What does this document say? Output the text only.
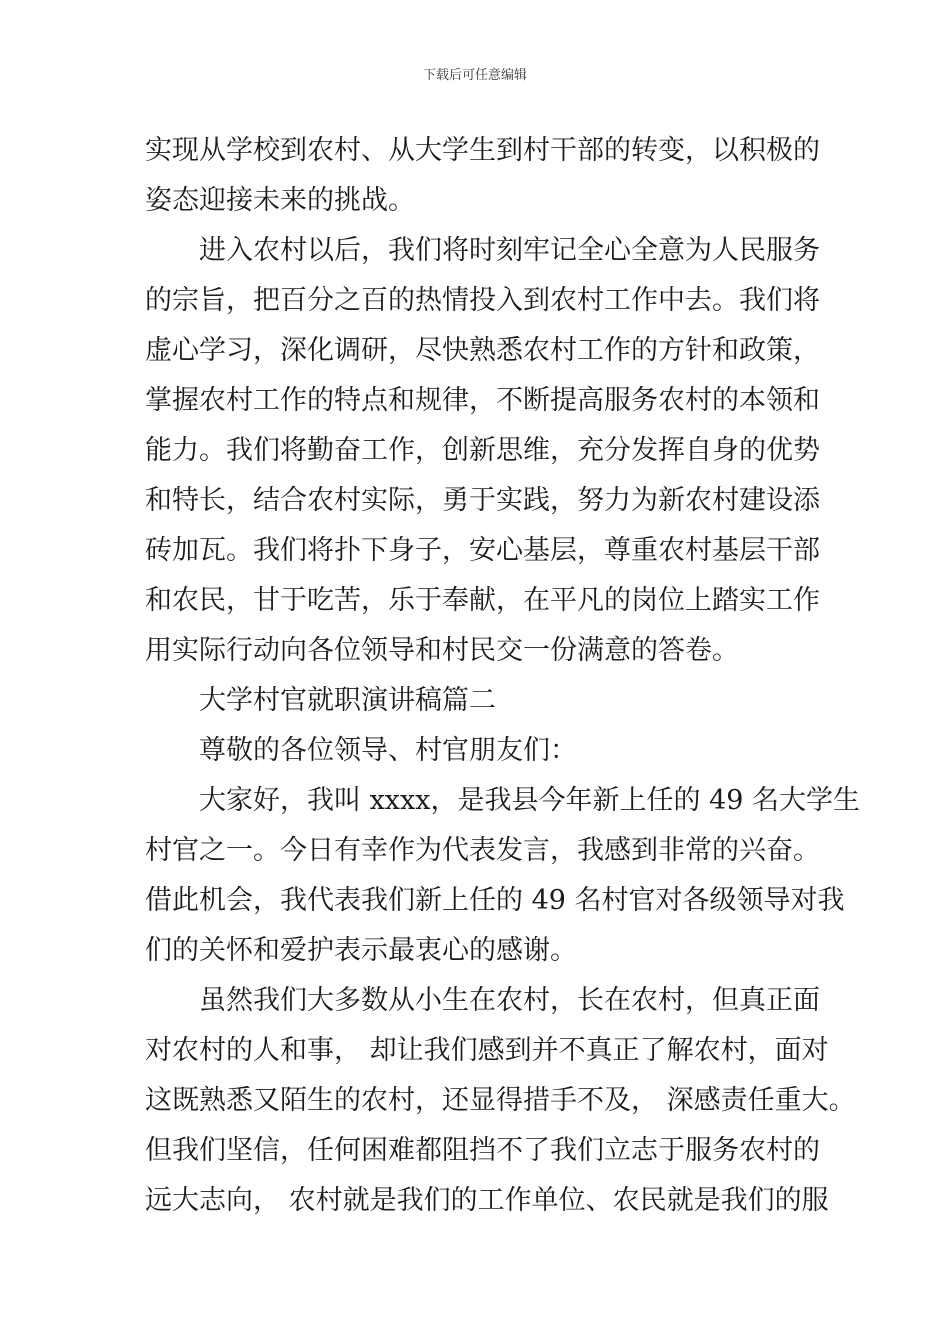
下载后可任意编辑
实现从学校到农村、从大学生到村干部的转变，以积极的
姿态迎接未来的挑战。
进入农村以后，我们将时刻牢记全心全意为人民服务
的宗旨，把百分之百的热情投入到农村工作中去。我们将
虚心学习，深化调研，尽快熟悉农村工作的方针和政策，
掌握农村工作的特点和规律，不断提高服务农村的本领和
能力。我们将勤奋工作，创新思维，充分发挥自身的优势
和特长，结合农村实际，勇于实践，努力为新农村建设添
砖加瓦。我们将扑下身子，安心基层，尊重农村基层干部
和农民，甘于吃苦，乐于奉献，在平凡的岗位上踏实工作
用实际行动向各位领导和村民交一份满意的答卷。
大学村官就职演讲稿篇二
尊敬的各位领导、村官朋友们：
大家好，我叫 xxxx，是我县今年新上任的 49 名大学生
村官之一。今日有幸作为代表发言，我感到非常的兴奋。
借此机会，我代表我们新上任的 49 名村官对各级领导对我
们的关怀和爱护表示最衷心的感谢。
虽然我们大多数从小生在农村，长在农村，但真正面
对农村的人和事， 却让我们感到并不真正了解农村，面对
这既熟悉又陌生的农村，还显得措手不及， 深感责任重大。
但我们坚信，任何困难都阻挡不了我们立志于服务农村的
远大志向， 农村就是我们的工作单位、农民就是我们的服
